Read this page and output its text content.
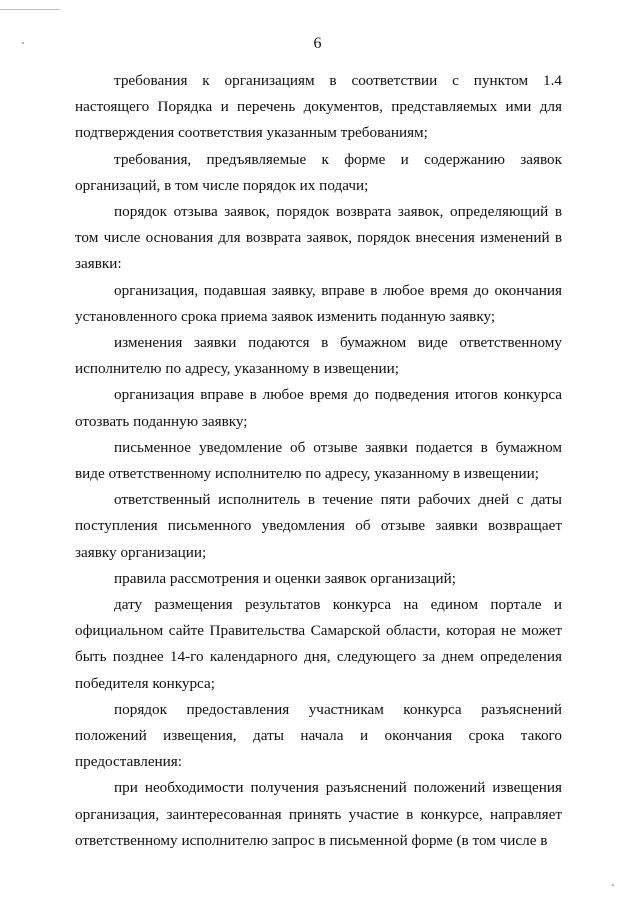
6

требования к организациям в соответствии с пунктом 1.4 настоящего Порядка и перечень документов, представляемых ими для подтверждения соответствия указанным требованиям;

требования, предъявляемые к форме и содержанию заявок организаций, в том числе порядок их подачи;

порядок отзыва заявок, порядок возврата заявок, определяющий в том числе основания для возврата заявок, порядок внесения изменений в заявки:

организация, подавшая заявку, вправе в любое время до окончания установленного срока приема заявок изменить поданную заявку;

изменения заявки подаются в бумажном виде ответственному исполнителю по адресу, указанному в извещении;

организация вправе в любое время до подведения итогов конкурса отозвать поданную заявку;

письменное уведомление об отзыве заявки подается в бумажном виде ответственному исполнителю по адресу, указанному в извещении;

ответственный исполнитель в течение пяти рабочих дней с даты поступления письменного уведомления об отзыве заявки возвращает заявку организации;

правила рассмотрения и оценки заявок организаций;

дату размещения результатов конкурса на едином портале и официальном сайте Правительства Самарской области, которая не может быть позднее 14-го календарного дня, следующего за днем определения победителя конкурса;

порядок предоставления участникам конкурса разъяснений положений извещения, даты начала и окончания срока такого предоставления:

при необходимости получения разъяснений положений извещения организация, заинтересованная принять участие в конкурсе, направляет ответственному исполнителю запрос в письменной форме (в том числе в
